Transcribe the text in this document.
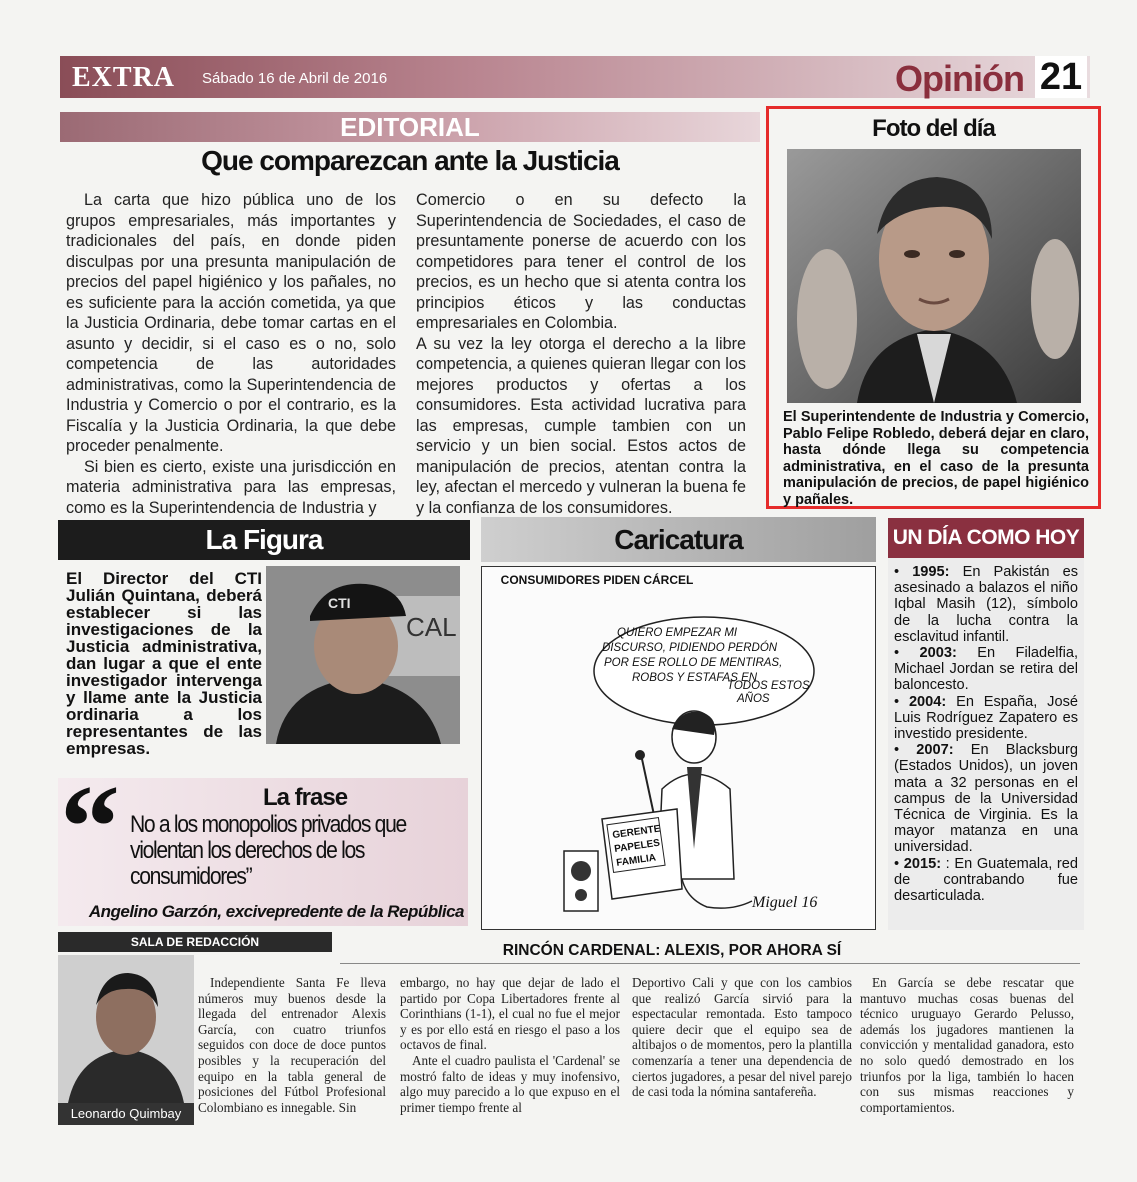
EXTRA Sábado 16 de Abril de 2016	Opinión 21
EDITORIAL
Que comparezcan ante la Justicia

La carta que hizo pública uno de los grupos empresariales, más importantes y tradicionales del país, en donde piden disculpas por una presunta manipulación de precios del papel higiénico y los pañales, no es suficiente para la acción cometida, ya que la Justicia Ordinaria, debe tomar cartas en el asunto y decidir, si el caso es o no, solo competencia de las autoridades administrativas, como la Superintendencia de Industria y Comercio o por el contrario, es la Fiscalía y la Justicia Ordinaria, la que debe proceder penalmente.

Si bien es cierto, existe una jurisdicción en materia administrativa para las empresas, como es la Superintendencia de Industria y

Comercio o en su defecto la Superintendencia de Sociedades, el caso de presuntamente ponerse de acuerdo con los competidores para tener el control de los precios, es un hecho que si atenta contra los principios éticos y las conductas empresariales en Colombia.

A su vez la ley otorga el derecho a la libre competencia, a quienes quieran llegar con los mejores productos y ofertas a los consumidores. Esta actividad lucrativa para las empresas, cumple tambien con un servicio y un bien social. Estos actos de manipulación de precios, atentan contra la ley, afectan el mercedo y vulneran la buena fe y la confianza de los consumidores.

Foto del día
El Superintendente de Industria y Comercio, Pablo Felipe Robledo, deberá dejar en claro, hasta dónde llega su competencia administrativa, en el caso de la presunta manipulación de precios, de papel higiénico y pañales.
La Figura
El Director del CTI Julián Quintana, deberá establecer si las investigaciones de la Justicia administrativa, dan lugar a que el ente investigador intervenga y llame ante la Justicia ordinaria a los representantes de las empresas.
CAL
CTI
“	La frase
No a los monopolios privados que violentan los derechos de los consumidores”
Angelino Garzón, excivepredente de la República
Caricatura
CONSUMIDORES PIDEN CÁRCEL
QUIERO EMPEZAR MI DISCURSO, PIDIENDO PERDÓN POR ESE ROLLO DE MENTIRAS, ROBOS Y ESTAFAS EN TODOS ESTOS AÑOS
GERENTE PAPELES FAMILIA
Miguel 16
UN DÍA COMO HOY

• 1995: En Pakistán es asesinado a balazos el niño Iqbal Masih (12), símbolo de la lucha contra la esclavitud infantil.

• 2003: En Filadelfia, Michael Jordan se retira del baloncesto.

• 2004: En España, José Luis Rodríguez Zapatero es investido presidente.

• 2007: En Blacksburg (Estados Unidos), un joven mata a 32 personas en el campus de la Universidad Técnica de Virginia. Es la mayor matanza en una universidad.

• 2015: : En Guatemala, red de contrabando fue desarticulada.

SALA DE REDACCIÓN	RINCÓN CARDENAL: ALEXIS, POR AHORA SÍ
Leonardo Quimbay

Independiente Santa Fe lleva números muy buenos desde la llegada del entrenador Alexis García, con cuatro triunfos seguidos con doce de doce puntos posibles y la recuperación del equipo en la tabla general de posiciones del Fútbol Profesional Colombiano es innegable. Sin

embargo, no hay que dejar de lado el partido por Copa Libertadores frente al Corinthians (1-1), el cual no fue el mejor y es por ello está en riesgo el paso a los octavos de final.

Ante el cuadro paulista el 'Cardenal' se mostró falto de ideas y muy inofensivo, algo muy parecido a lo que expuso en el primer tiempo frente al

Deportivo Cali y que con los cambios que realizó García sirvió para la espectacular remontada. Esto tampoco quiere decir que el equipo sea de altibajos o de momentos, pero la plantilla comenzaría a tener una dependencia de ciertos jugadores, a pesar del nivel parejo de casi toda la nómina santafereña.

En García se debe rescatar que mantuvo muchas cosas buenas del técnico uruguayo Gerardo Pelusso, además los jugadores mantienen la convicción y mentalidad ganadora, esto no solo quedó demostrado en los triunfos por la liga, también lo hacen con sus mismas reacciones y comportamientos.
